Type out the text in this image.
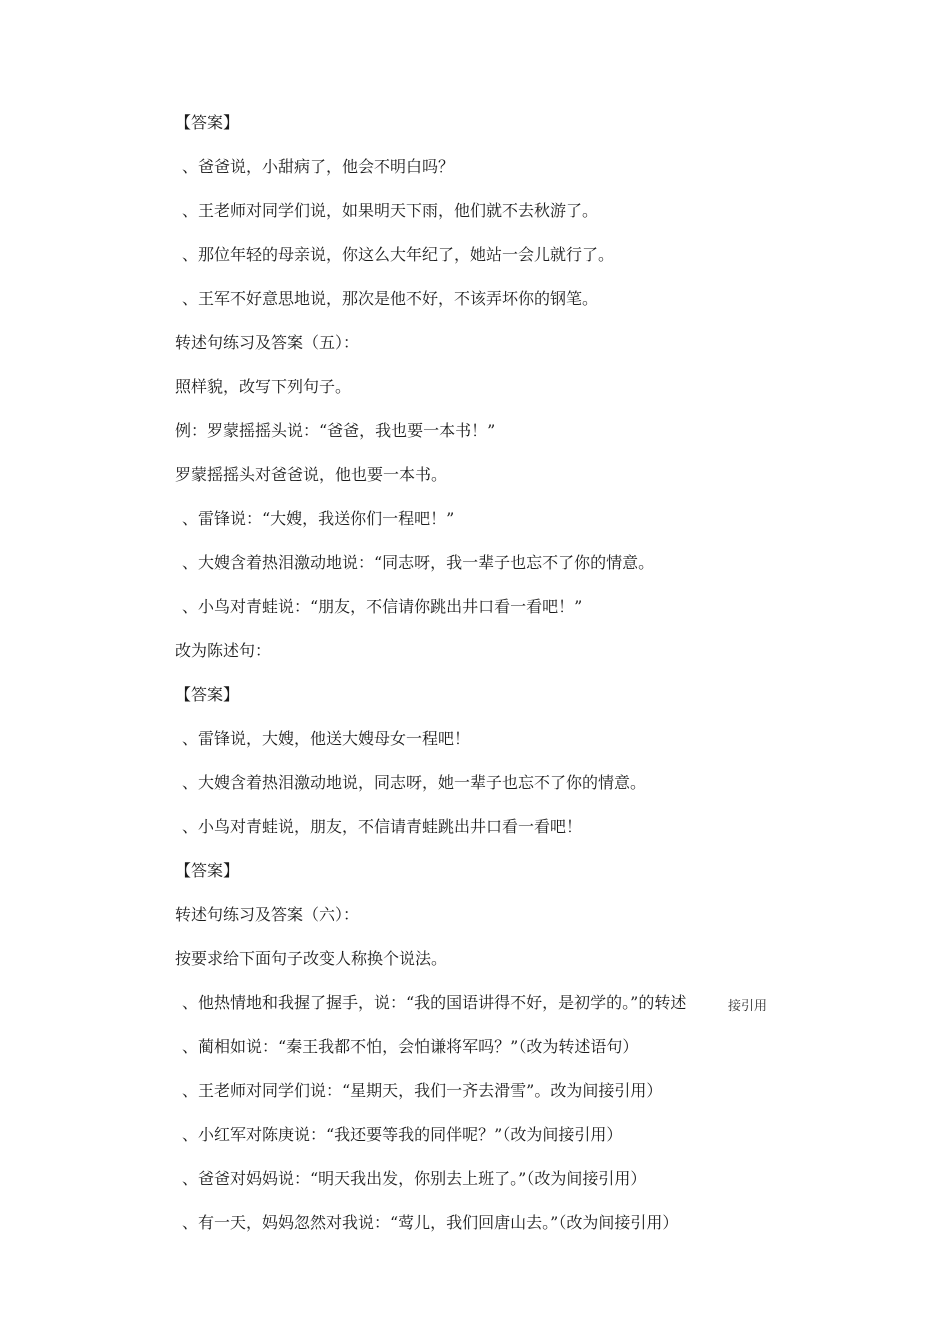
【答案】
、爸爸说，小甜病了，他会不明白吗？
、王老师对同学们说，如果明天下雨，他们就不去秋游了。
、那位年轻的母亲说，你这么大年纪了，她站一会儿就行了。
、王军不好意思地说，那次是他不好，不该弄坏你的钢笔。
转述句练习及答案（五）：
照样貌，改写下列句子。
例：罗蒙摇摇头说：“爸爸，我也要一本书！”
罗蒙摇摇头对爸爸说，他也要一本书。
、雷锋说：“大嫂，我送你们一程吧！”
、大嫂含着热泪激动地说：“同志呀，我一辈子也忘不了你的情意。
、小鸟对青蛙说：“朋友，不信请你跳出井口看一看吧！”
改为陈述句：
【答案】
、雷锋说，大嫂，他送大嫂母女一程吧！
、大嫂含着热泪激动地说，同志呀，她一辈子也忘不了你的情意。
、小鸟对青蛙说，朋友，不信请青蛙跳出井口看一看吧！
【答案】
转述句练习及答案（六）：
按要求给下面句子改变人称换个说法。
、他热情地和我握了握手，说：“我的国语讲得不好，是初学的。”的转述	接引用
、蔺相如说：“秦王我都不怕，会怕谦将军吗？”（改为转述语句）
、王老师对同学们说：“星期天，我们一齐去滑雪”。改为间接引用）
、小红军对陈庚说：“我还要等我的同伴呢？”（改为间接引用）
、爸爸对妈妈说：“明天我出发，你别去上班了。”（改为间接引用）
、有一天，妈妈忽然对我说：“莺儿，我们回唐山去。”（改为间接引用）
